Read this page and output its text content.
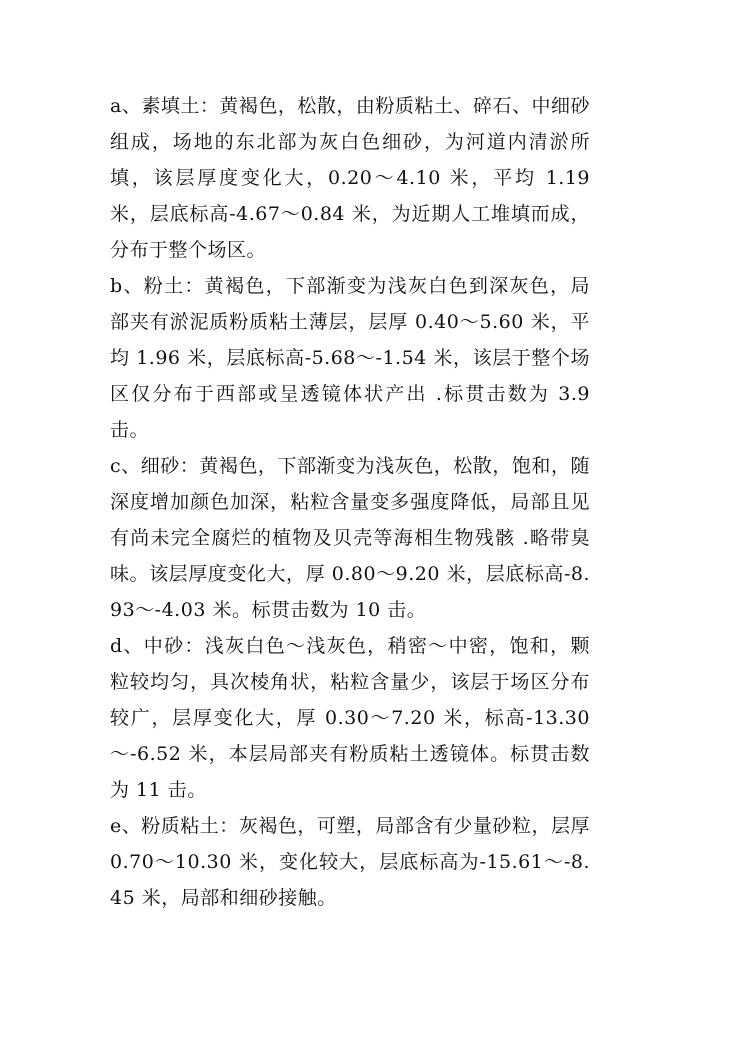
a、素填土：黄褐色，松散，由粉质粘土、碎石、中细砂组成，场地的东北部为灰白色细砂，为河道内清淤所填，该层厚度变化大，0.20～4.10 米，平均 1.19 米，层底标高-4.67～0.84 米，为近期人工堆填而成，分布于整个场区。

b、粉土：黄褐色，下部渐变为浅灰白色到深灰色，局部夹有淤泥质粉质粘土薄层，层厚 0.40～5.60 米，平均 1.96 米，层底标高-5.68～-1.54 米，该层于整个场区仅分布于西部或呈透镜体状产出 .标贯击数为 3.9 击。

c、细砂：黄褐色，下部渐变为浅灰色，松散，饱和，随深度增加颜色加深，粘粒含量变多强度降低，局部且见有尚未完全腐烂的植物及贝壳等海相生物残骸 .略带臭味。该层厚度变化大，厚 0.80～9.20 米，层底标高-8.93～-4.03 米。标贯击数为 10 击。

d、中砂：浅灰白色～浅灰色，稍密～中密，饱和，颗粒较均匀，具次棱角状，粘粒含量少，该层于场区分布较广，层厚变化大，厚 0.30～7.20 米，标高-13.30～-6.52 米，本层局部夹有粉质粘土透镜体。标贯击数为 11 击。

e、粉质粘土：灰褐色，可塑，局部含有少量砂粒，层厚 0.70～10.30 米，变化较大，层底标高为-15.61～-8.45 米，局部和细砂接触。
